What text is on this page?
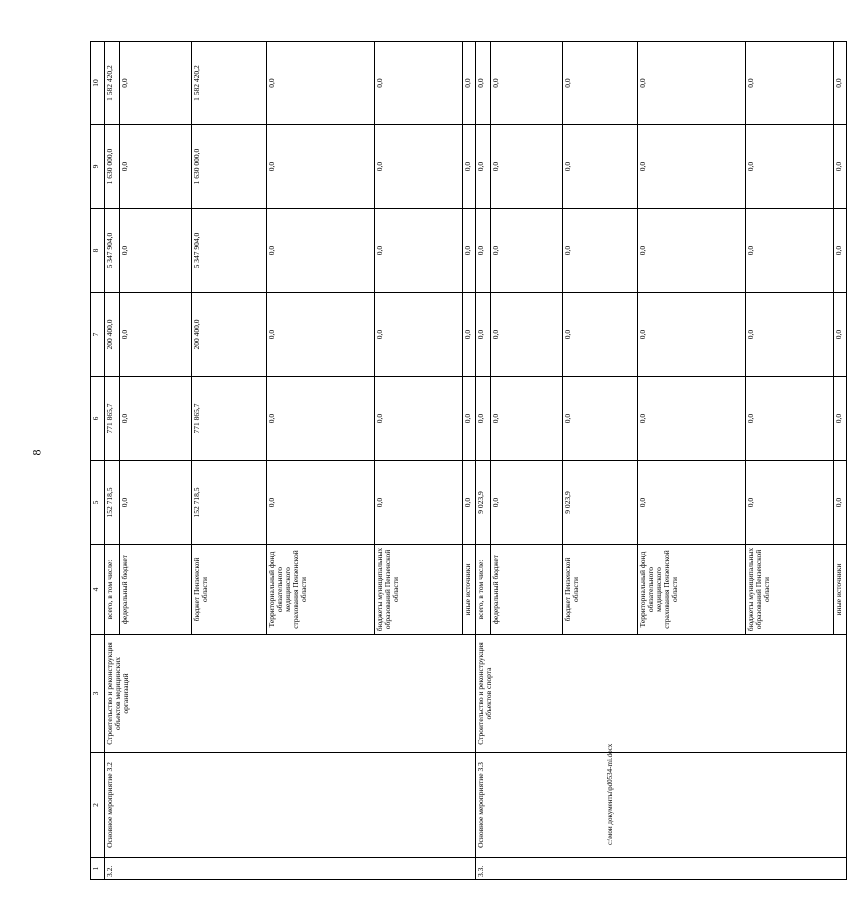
8
1	2	3	4	5	6	7	8	9	10
3.2.	Основное мероприятие 3.2	Строительство и реконструкция объектов медицинских организаций	всего, в том числе:	152 718,5	771 865,7	200 400,0	5 347 904,0	1 630 000,0	1 582 420,2
			федеральный бюджет	0,0	0,0	0,0	0,0	0,0	0,0
			бюджет Пензенской области	152 718,5	771 865,7	200 400,0	5 347 904,0	1 630 000,0	1 582 420,2
			Территориальный фонд обязательного медицинского страхования Пензенской области	0,0	0,0	0,0	0,0	0,0	0,0
			бюджеты муниципальных образований Пензенской области	0,0	0,0	0,0	0,0	0,0	0,0
			иные источники	0,0	0,0	0,0	0,0	0,0	0,0
3.3.	Основное мероприятие 3.3	Строительство и реконструкция объектов спорта	всего, в том числе:	9 023,9	0,0	0,0	0,0	0,0	0,0
			федеральный бюджет	0,0	0,0	0,0	0,0	0,0	0,0
			бюджет Пензенской области	9 023,9	0,0	0,0	0,0	0,0	0,0
			Территориальный фонд обязательного медицинского страхования Пензенской области	0,0	0,0	0,0	0,0	0,0	0,0
			бюджеты муниципальных образований Пензенской области	0,0	0,0	0,0	0,0	0,0	0,0
			иные источники	0,0	0,0	0,0	0,0	0,0	0,0
c:\мои документы\pd0534-mi.docx
